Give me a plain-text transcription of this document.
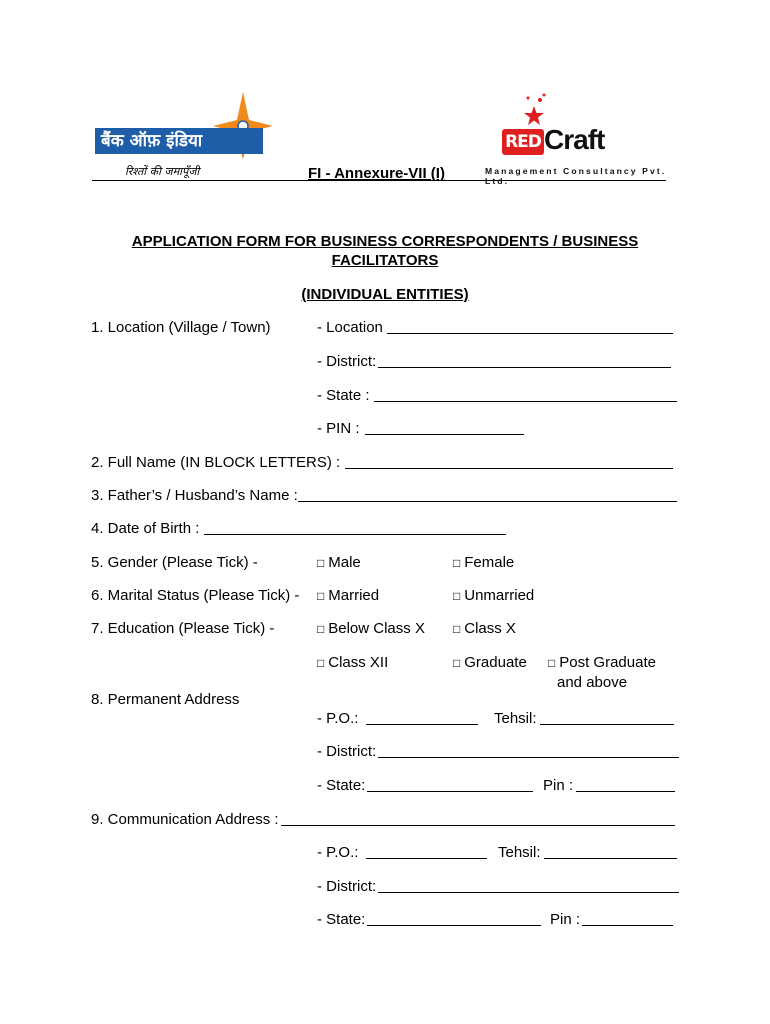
बैंक ऑफ़ इंडिया
रिश्तों की जमापूँजी	FI - Annexure-VII (I)
RED Craft
Management Consultancy Pvt. Ltd.
APPLICATION FORM FOR BUSINESS CORRESPONDENTS / BUSINESS
FACILITATORS
(INDIVIDUAL ENTITIES)
1. Location (Village / Town)	- Location
- District:
- State :
- PIN :
2. Full Name (IN BLOCK LETTERS) :
3. Father’s / Husband’s Name :
4. Date of Birth :
5. Gender (Please Tick) -	□ Male	□ Female
6. Marital Status (Please Tick) - □ Married	□ Unmarried
7. Education (Please Tick) -	□ Below Class X □ Class X
□ Class XII	□ Graduate □ Post Graduate
and above
8. Permanent Address
- P.O.:	Tehsil:
- District:
- State:	Pin :
9. Communication Address :
- P.O.:	Tehsil:
- District:
- State:	Pin :
